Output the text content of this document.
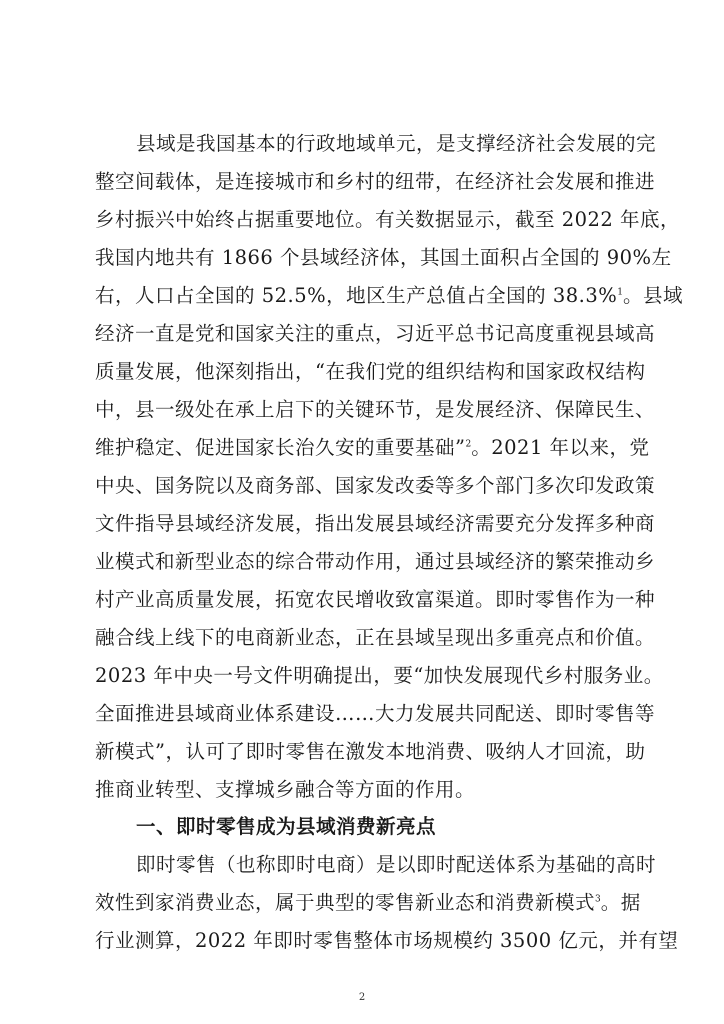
县域是我国基本的行政地域单元，是支撑经济社会发展的完
整空间载体，是连接城市和乡村的纽带，在经济社会发展和推进
乡村振兴中始终占据重要地位。有关数据显示，截至 2022 年底，
我国内地共有 1866 个县域经济体，其国土面积占全国的 90%左
右，人口占全国的 52.5%，地区生产总值占全国的 38.3%$^1$。县域
经济一直是党和国家关注的重点，习近平总书记高度重视县域高
质量发展，他深刻指出，“在我们党的组织结构和国家政权结构
中，县一级处在承上启下的关键环节，是发展经济、保障民生、
维护稳定、促进国家长治久安的重要基础”$^2$。2021 年以来，党
中央、国务院以及商务部、国家发改委等多个部门多次印发政策
文件指导县域经济发展，指出发展县域经济需要充分发挥多种商
业模式和新型业态的综合带动作用，通过县域经济的繁荣推动乡
村产业高质量发展，拓宽农民增收致富渠道。即时零售作为一种
融合线上线下的电商新业态，正在县域呈现出多重亮点和价值。
2023 年中央一号文件明确提出，要“加快发展现代乡村服务业。
全面推进县域商业体系建设……大力发展共同配送、即时零售等
新模式”，认可了即时零售在激发本地消费、吸纳人才回流，助
推商业转型、支撑城乡融合等方面的作用。
一、即时零售成为县域消费新亮点
即时零售（也称即时电商）是以即时配送体系为基础的高时
效性到家消费业态，属于典型的零售新业态和消费新模式$^3$。据
行业测算，2022 年即时零售整体市场规模约 3500 亿元，并有望
2
